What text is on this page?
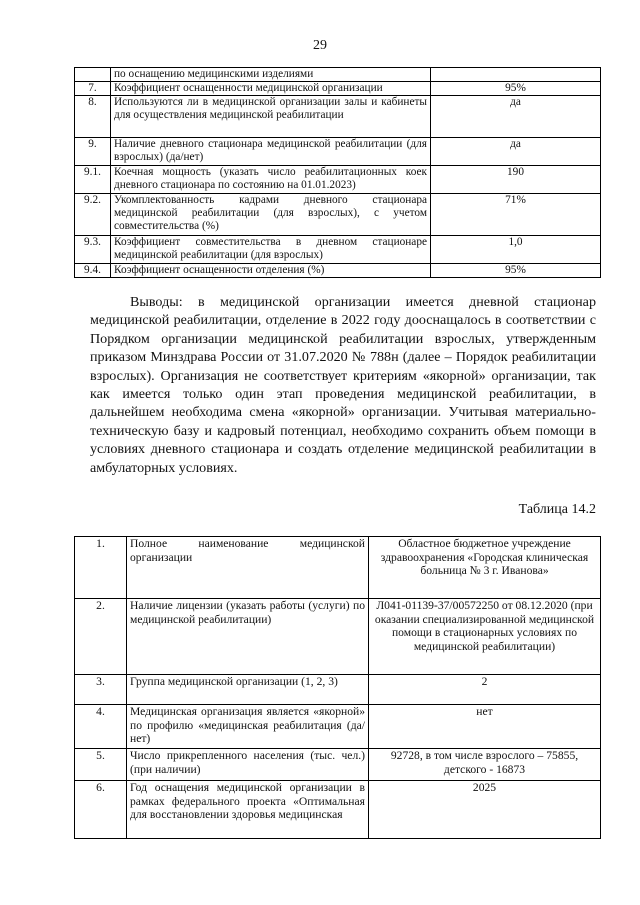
29
	по оснащению медицинскими изделиями	
7.	Коэффициент оснащенности медицинской организации	95%
8.	Используются ли в медицинской организации залы и кабинеты для осуществления медицинской реабилитации	да
9.	Наличие дневного стационара медицинской реабилитации (для взрослых) (да/нет)	да
9.1.	Коечная мощность (указать число реабилитационных коек дневного стационара по состоянию на 01.01.2023)	190
9.2.	Укомплектованность кадрами дневного стационара медицинской реабилитации (для взрослых), с учетом совместительства (%)	71%
9.3.	Коэффициент совместительства в дневном стационаре медицинской реабилитации (для взрослых)	1,0
9.4.	Коэффициент оснащенности отделения (%)	95%

Выводы: в медицинской организации имеется дневной стационар медицинской реабилитации, отделение в 2022 году дооснащалось в соответствии с Порядком организации медицинской реабилитации взрослых, утвержденным приказом Минздрава России от 31.07.2020 № 788н (далее – Порядок реабилитации взрослых). Организация не соответствует критериям «якорной» организации, так как имеется только один этап проведения медицинской реабилитации, в дальнейшем необходима смена «якорной» организации. Учитывая материально-техническую базу и кадровый потенциал, необходимо сохранить объем помощи в условиях дневного стационара и создать отделение медицинской реабилитации в амбулаторных условиях.

Таблица 14.2
1.	Полное наименование медицинской организации	Областное бюджетное учреждение здравоохранения «Городская клиническая больница № 3 г. Иванова»
2.	Наличие лицензии (указать работы (услуги) по медицинской реабилитации)	Л041-01139-37/00572250 от 08.12.2020 (при оказании специализированной медицинской помощи в стационарных условиях по медицинской реабилитации)
3.	Группа медицинской организации (1, 2, 3)	2
4.	Медицинская организация является «якорной» по профилю «медицинская реабилитация (да/нет)	нет
5.	Число прикрепленного населения (тыс. чел.) (при наличии)	92728, в том числе взрослого – 75855, детского - 16873
6.	Год оснащения медицинской организации в рамках федерального проекта «Оптимальная для восстановлении здоровья медицинская	2025
